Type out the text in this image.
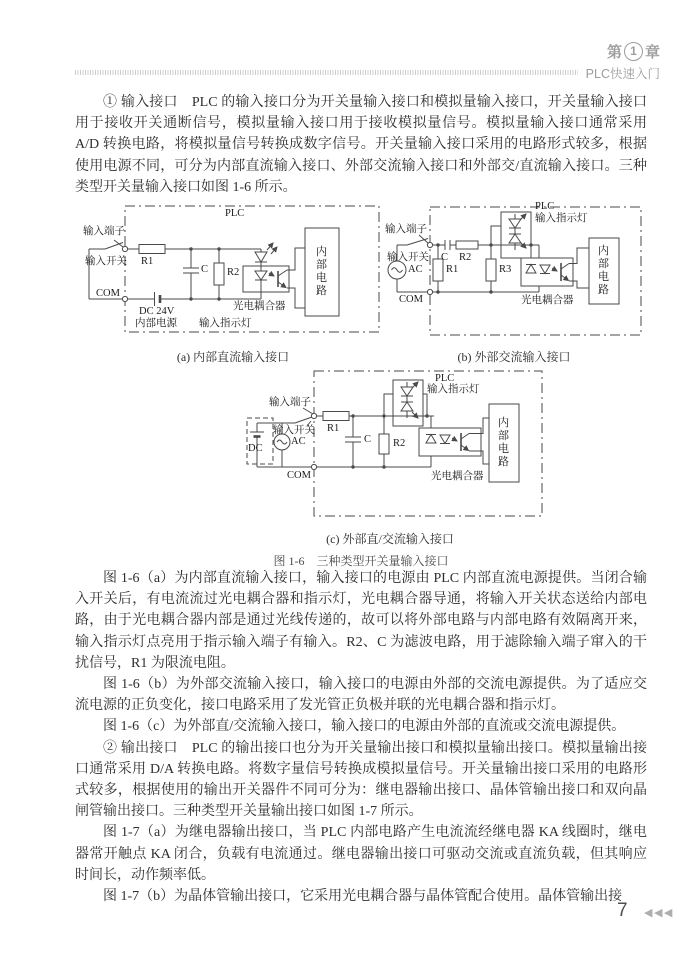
第 1 章
PLC快速入门

① 输入接口　PLC 的输入接口分为开关量输入接口和模拟量输入接口，开关量输入接口用于接收开关通断信号，模拟量输入接口用于接收模拟量信号。模拟量输入接口通常采用 A/D 转换电路，将模拟量信号转换成数字信号。开关量输入接口采用的电路形式较多，根据使用电源不同，可分为内部直流输入接口、外部交流输入接口和外部交/直流输入接口。三种类型开关量输入接口如图 1-6 所示。

PLC
输入端子
输入开关
COM
R1
C R2
DC 24V
内部电源 输入指示灯
光电耦合器
内部电路
PLC
输入指示灯
输入端子
输入开关
AC
COM
C R2
R1	R3
光电耦合器
内部电路
(a) 内部直流输入接口	(b) 外部交流输入接口
PLC
输入指示灯
输入端子
输入开关
DC
AC
COM
R1
C R2
光电耦合器
内部电路
(c) 外部直/交流输入接口
图 1-6　三种类型开关量输入接口

图 1-6（a）为内部直流输入接口，输入接口的电源由 PLC 内部直流电源提供。当闭合输入开关后，有电流流过光电耦合器和指示灯，光电耦合器导通，将输入开关状态送给内部电路，由于光电耦合器内部是通过光线传递的，故可以将外部电路与内部电路有效隔离开来，输入指示灯点亮用于指示输入端子有输入。R2、C 为滤波电路，用于滤除输入端子窜入的干扰信号，R1 为限流电阻。

图 1-6（b）为外部交流输入接口，输入接口的电源由外部的交流电源提供。为了适应交流电源的正负变化，接口电路采用了发光管正负极并联的光电耦合器和指示灯。

图 1-6（c）为外部直/交流输入接口，输入接口的电源由外部的直流或交流电源提供。

② 输出接口　PLC 的输出接口也分为开关量输出接口和模拟量输出接口。模拟量输出接口通常采用 D/A 转换电路。将数字量信号转换成模拟量信号。开关量输出接口采用的电路形式较多，根据使用的输出开关器件不同可分为：继电器输出接口、晶体管输出接口和双向晶闸管输出接口。三种类型开关量输出接口如图 1-7 所示。

图 1-7（a）为继电器输出接口，当 PLC 内部电路产生电流流经继电器 KA 线圈时，继电器常开触点 KA 闭合，负载有电流通过。继电器输出接口可驱动交流或直流负载，但其响应时间长，动作频率低。

图 1-7（b）为晶体管输出接口，它采用光电耦合器与晶体管配合使用。晶体管输出接

7 ◀◀◀
